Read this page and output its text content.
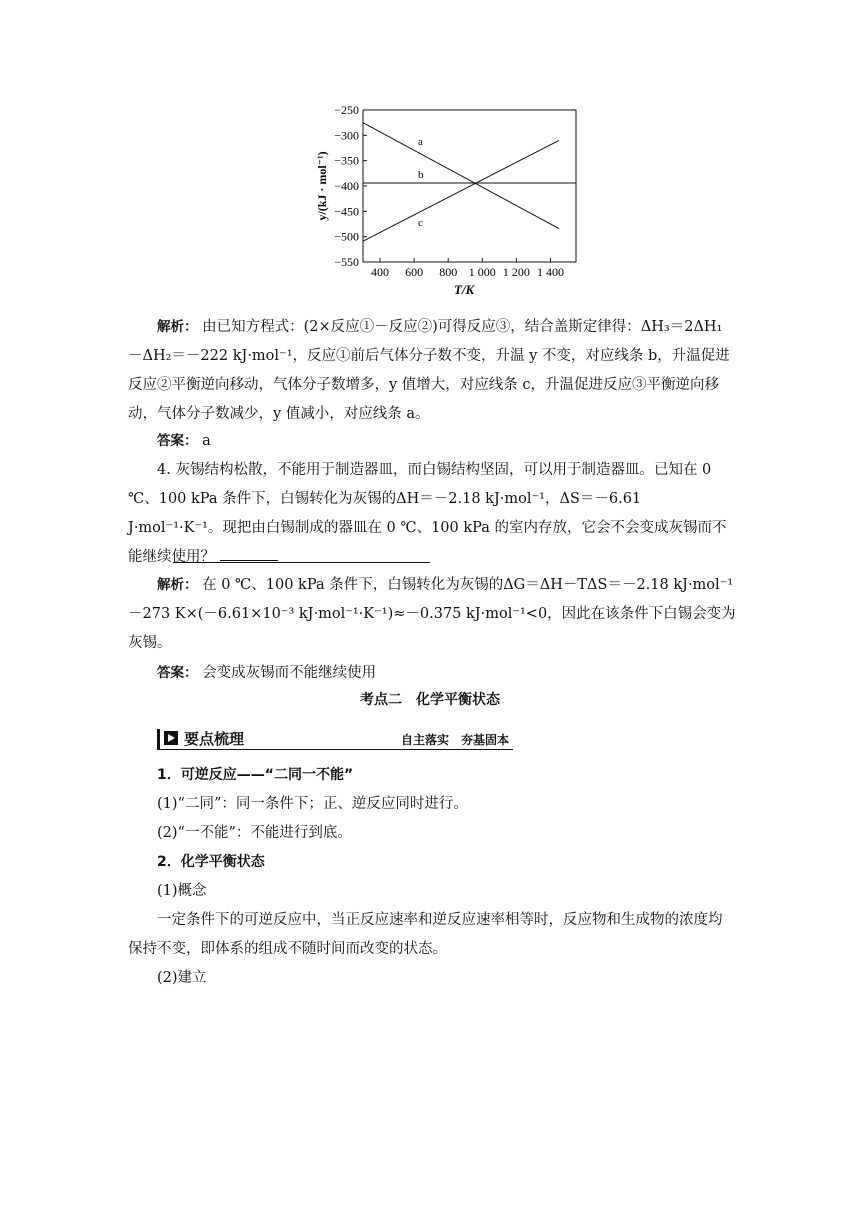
−250
−300
−350
−400
−450
−500
−550
400 600 800 1 000 1 200 1 400
a
b
c
T/K
y/(kJ · mol⁻¹)

解析： 由已知方程式：(2×反应①－反应②)可得反应③，结合盖斯定律得：ΔH₃＝2ΔH₁－ΔH₂＝－222 kJ·mol⁻¹，反应①前后气体分子数不变，升温 y 不变，对应线条 b，升温促进反应②平衡逆向移动，气体分子数增多，y 值增大，对应线条 c，升温促进反应③平衡逆向移动，气体分子数减少，y 值减小，对应线条 a。

答案： a

4. 灰锡结构松散，不能用于制造器皿，而白锡结构坚固，可以用于制造器皿。已知在 0 ℃、100 kPa 条件下，白锡转化为灰锡的ΔH＝－2.18 kJ·mol⁻¹，ΔS＝－6.61 J·mol⁻¹·K⁻¹。现把由白锡制成的器皿在 0 ℃、100 kPa 的室内存放，它会不会变成灰锡而不能继续使用？

解析： 在 0 ℃、100 kPa 条件下，白锡转化为灰锡的ΔG＝ΔH－TΔS＝－2.18 kJ·mol⁻¹－273 K×(－6.61×10⁻³ kJ·mol⁻¹·K⁻¹)≈－0.375 kJ·mol⁻¹<0，因此在该条件下白锡会变为灰锡。

答案： 会变成灰锡而不能继续使用

考点二　化学平衡状态
要点梳理	自主落实　夯基固本

1．可逆反应——“二同一不能”

(1)“二同”：同一条件下；正、逆反应同时进行。

(2)“一不能”：不能进行到底。

2．化学平衡状态

(1)概念

一定条件下的可逆反应中，当正反应速率和逆反应速率相等时，反应物和生成物的浓度均保持不变，即体系的组成不随时间而改变的状态。

(2)建立
